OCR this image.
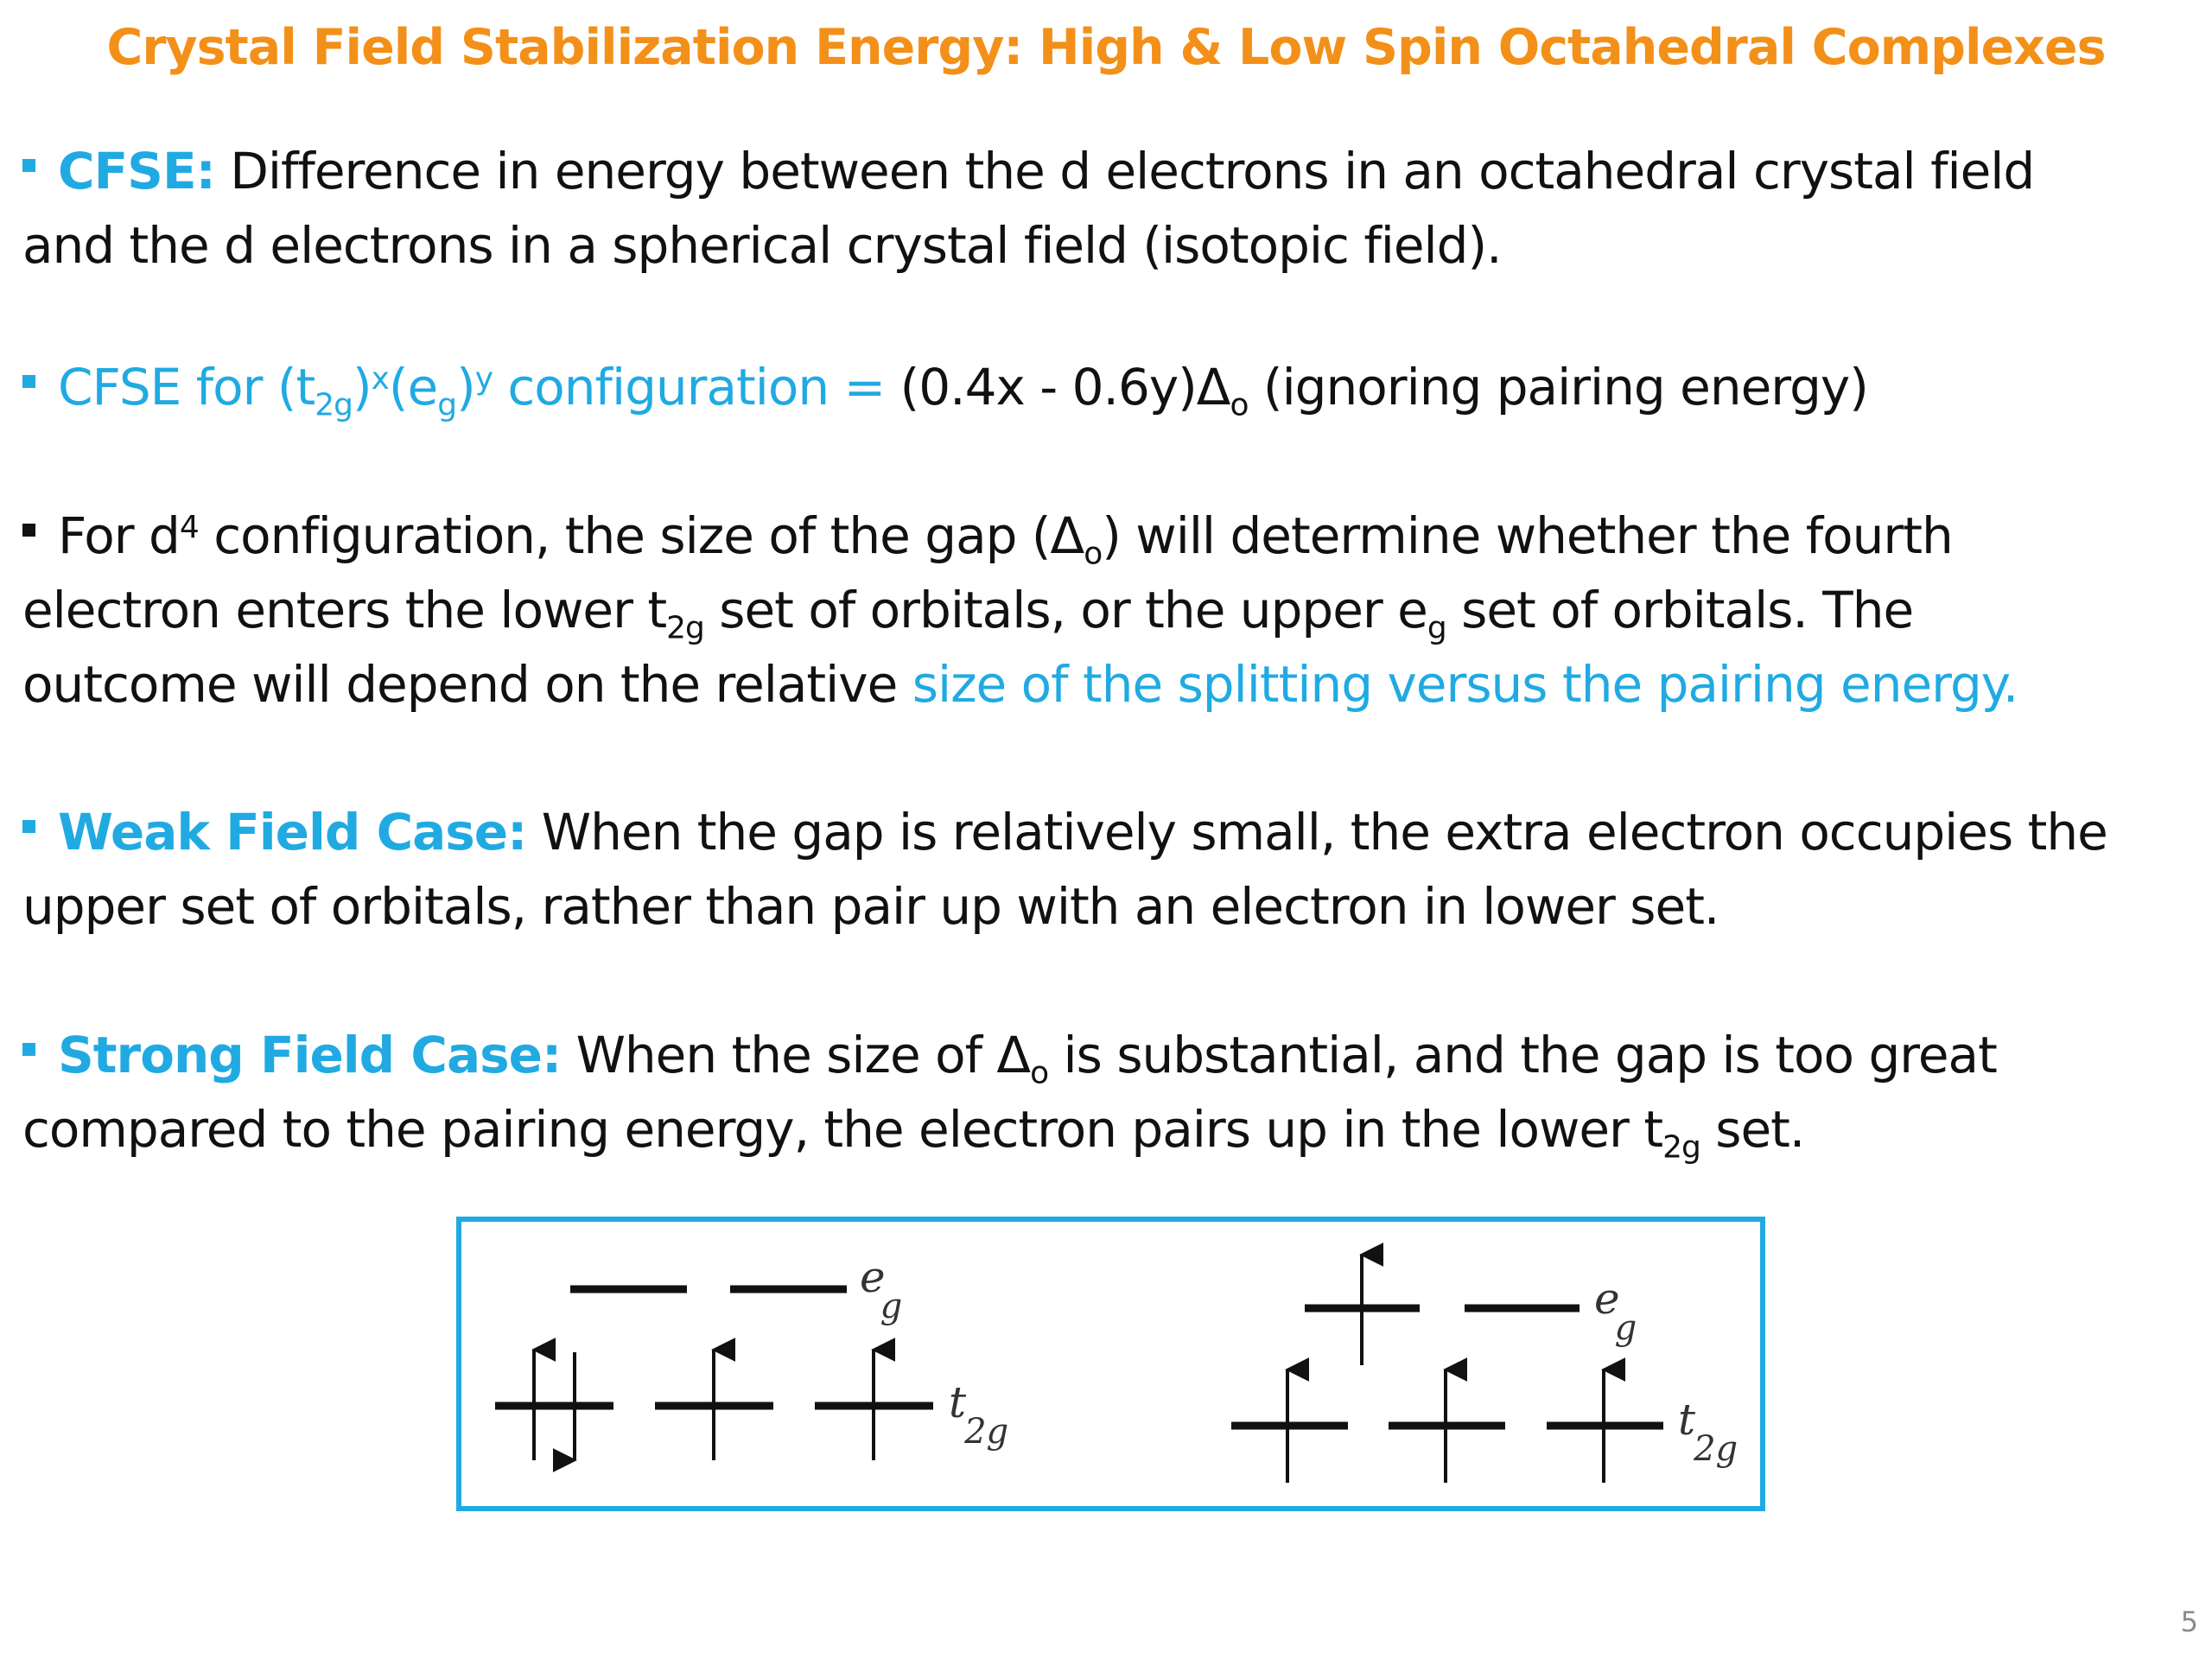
Crystal Field Stabilization Energy: High & Low Spin Octahedral Complexes
CFSE: Difference in energy between the d electrons in an octahedral crystal field
and the d electrons in a spherical crystal field (isotopic field).
CFSE for $(t_{2g})^x(e_g)^y$ configuration = $(0.4x - 0.6y)\Delta_o$ (ignoring pairing energy)
For $d^4$ configuration, the size of the gap $(\Delta_o)$ will determine whether the fourth
electron enters the lower $t_{2g}$ set of orbitals, or the upper $e_g$ set of orbitals. The
outcome will depend on the relative size of the splitting versus the pairing energy.
Weak Field Case: When the gap is relatively small, the extra electron occupies the
upper set of orbitals, rather than pair up with an electron in lower set.
Strong Field Case: When the size of $\Delta_o$ is substantial, and the gap is too great
compared to the pairing energy, the electron pairs up in the lower $t_{2g}$ set.
e g
t 2g
e g
t 2g
5
